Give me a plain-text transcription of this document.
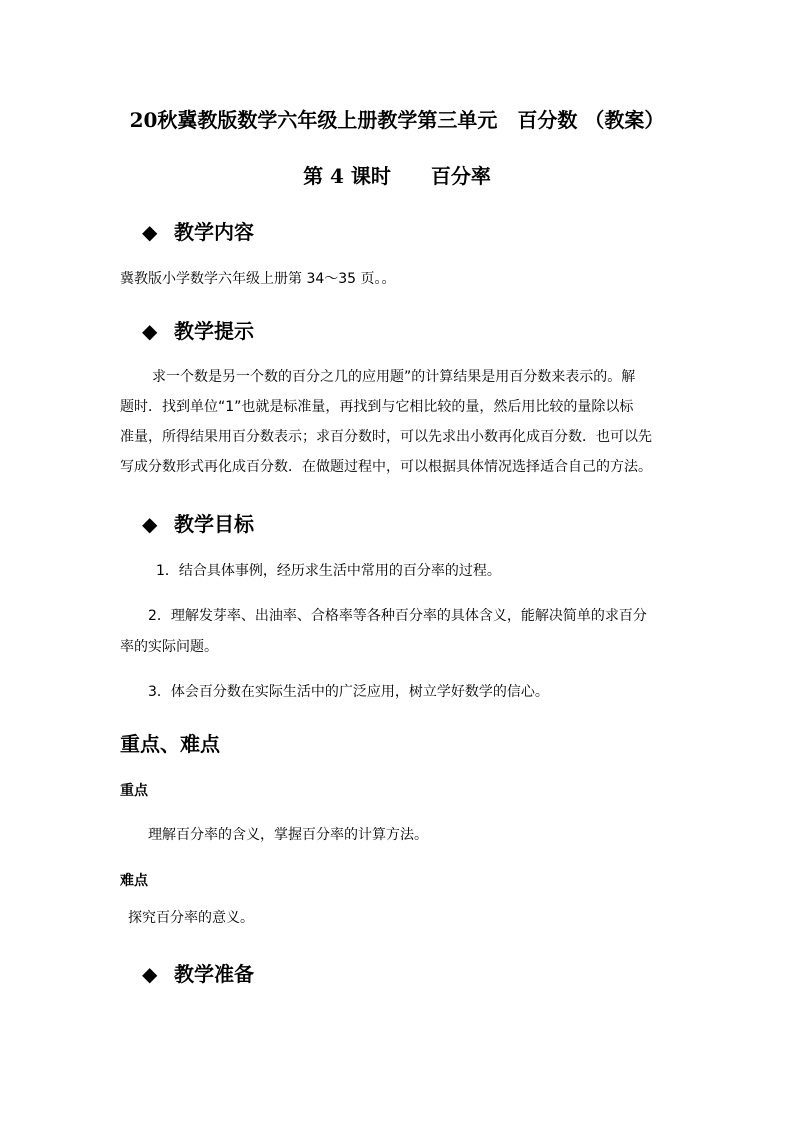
20秋冀教版数学六年级上册教学第三单元　百分数 （教案）
第 4 课时　　百分率
◆ 教学内容
冀教版小学数学六年级上册第 34～35 页。。
◆ 教学提示
求一个数是另一个数的百分之几的应用题”的计算结果是用百分数来表示的。解
题时．找到单位“1”也就是标准量，再找到与它相比较的量，然后用比较的量除以标
准量，所得结果用百分数表示；求百分数时，可以先求出小数再化成百分数．也可以先
写成分数形式再化成百分数．在做题过程中，可以根据具体情况选择适合自己的方法。
◆ 教学目标
1．结合具体事例，经历求生活中常用的百分率的过程。
2．理解发芽率、出油率、合格率等各种百分率的具体含义，能解决简单的求百分
率的实际问题。
3．体会百分数在实际生活中的广泛应用，树立学好数学的信心。
重点、难点
重点
理解百分率的含义，掌握百分率的计算方法。
难点
探究百分率的意义。
◆ 教学准备
